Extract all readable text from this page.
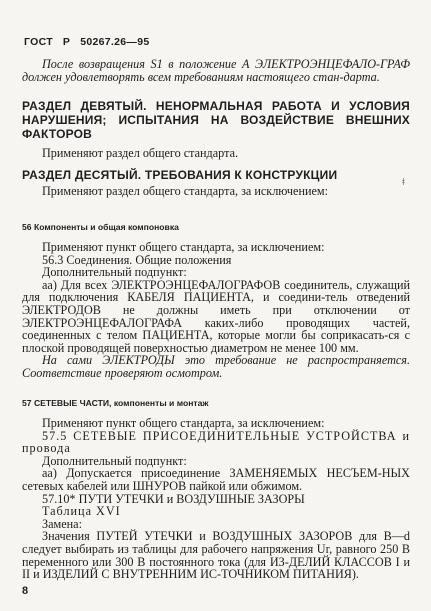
ГОСТ Р 50267.26—95

После возвращения S1 в положение А ЭЛЕКТРОЭНЦЕФАЛО-ГРАФ должен удовлетворять всем требованиям настоящего стан-дарта.

РАЗДЕЛ ДЕВЯТЫЙ. НЕНОРМАЛЬНАЯ РАБОТА И УСЛОВИЯ НАРУШЕНИЯ; ИСПЫТАНИЯ НА ВОЗДЕЙСТВИЕ ВНЕШНИХ ФАКТОРОВ

Применяют раздел общего стандарта.

РАЗДЕЛ ДЕСЯТЫЙ. ТРЕБОВАНИЯ К КОНСТРУКЦИИ

Применяют раздел общего стандарта, за исключением:

56 Компоненты и общая компоновка

Применяют пункт общего стандарта, за исключением:

56.3 Соединения. Общие положения

Дополнительный подпункт:

аа) Для всех ЭЛЕКТРОЭНЦЕФАЛОГРАФОВ соединитель, служащий для подключения КАБЕЛЯ ПАЦИЕНТА, и соедини-тель отведений ЭЛЕКТРОДОВ не должны иметь при отключении от ЭЛЕКТРОЭНЦЕФАЛОГРАФА каких-либо проводящих частей, соединенных с телом ПАЦИЕНТА, которые могли бы соприкасать-ся с плоской проводящей поверхностью диаметром не менее 100 мм.

На сами ЭЛЕКТРОДЫ это требование не распространяется. Соответствие проверяют осмотром.

57 СЕТЕВЫЕ ЧАСТИ, компоненты и монтаж

Применяют пункт общего стандарта, за исключением:

57.5 СЕТЕВЫЕ ПРИСОЕДИНИТЕЛЬНЫЕ УСТРОЙСТВА и провода

Дополнительный подпункт:

аа) Допускается присоединение ЗАМЕНЯЕМЫХ НЕСЪЕМ-НЫХ сетевых кабелей или ШНУРОВ пайкой или обжимом.

57.10* ПУТИ УТЕЧКИ и ВОЗДУШНЫЕ ЗАЗОРЫ

Таблица XVI

Замена:

Значения ПУТЕЙ УТЕЧКИ и ВОЗДУШНЫХ ЗАЗОРОВ для B—d следует выбирать из таблицы для рабочего напряжения Ur, равного 250 В переменного или 300 В постоянного тока (для ИЗ-ДЕЛИЙ КЛАССОВ I и II и ИЗДЕЛИЙ С ВНУТРЕННИМ ИС-ТОЧНИКОМ ПИТАНИЯ).

8
ǂ
